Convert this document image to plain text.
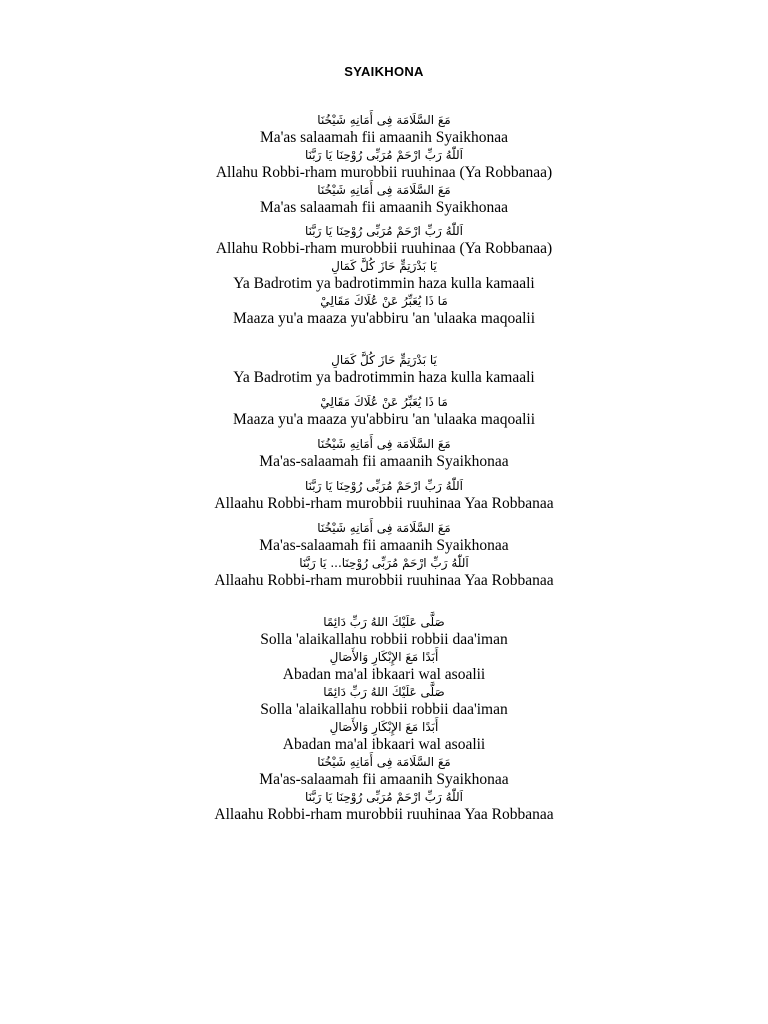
SYAIKHONA
مَعَ السَّلَامَة فِى أَمَانِهِ شَيْخُنَا
Ma'as salaamah fii amaanih Syaikhonaa
اَللّٰهُ رَبِّ ارْحَمْ مُرَبِّى رُوْحِنَا يَا رَبَّنَا
Allahu Robbi-rham murobbii ruuhinaa (Ya Robbanaa)
مَعَ السَّلَامَة فِى أَمَانِهِ شَيْخُنَا
Ma'as salaamah fii amaanih Syaikhonaa
اَللّٰهُ رَبِّ ارْحَمْ مُرَبِّى رُوْحِنَا يَا رَبَّنَا
Allahu Robbi-rham murobbii ruuhinaa (Ya Robbanaa)
يَا بَدْرَتِمٍّ حَازَ كُلَّ كَمَالِ
Ya Badrotim ya badrotimmin haza kulla kamaali
مَا ذَا يُعَبِّرُ عَنْ عُلَاكَ مَقَالِيْ
Maaza yu'a maaza yu'abbiru 'an 'ulaaka maqoalii
يَا بَدْرَتِمٍّ حَازَ كُلَّ كَمَالِ
Ya Badrotim ya badrotimmin haza kulla kamaali
مَا ذَا يُعَبِّرُ عَنْ عُلَاكَ مَقَالِيْ
Maaza yu'a maaza yu'abbiru 'an 'ulaaka maqoalii
مَعَ السَّلَامَة فِى أَمَانِهِ شَيْخُنَا
Ma'as-salaamah fii amaanih Syaikhonaa
اَللّٰهُ رَبِّ ارْحَمْ مُرَبِّى رُوْحِنَا يَا رَبَّنَا
Allaahu Robbi-rham murobbii ruuhinaa Yaa Robbanaa
مَعَ السَّلَامَة فِى أَمَانِهِ شَيْخُنَا
Ma'as-salaamah fii amaanih Syaikhonaa
اَللّٰهُ رَبِّ ارْحَمْ مُرَبِّى رُوْحِنَا... يَا رَبَّنَا
Allaahu Robbi-rham murobbii ruuhinaa Yaa Robbanaa
صَلَّى عَلَيْكَ اللهُ رَبِّ دَائِمًا
Solla 'alaikallahu robbii robbii daa'iman
أَبَدًا مَعَ الإِبْكَارِ وَالأَصَالِ
Abadan ma'al ibkaari wal asoalii
صَلَّى عَلَيْكَ اللهُ رَبِّ دَائِمًا
Solla 'alaikallahu robbii robbii daa'iman
أَبَدًا مَعَ الإِبْكَارِ وَالأَصَالِ
Abadan ma'al ibkaari wal asoalii
مَعَ السَّلَامَة فِى أَمَانِهِ شَيْخُنَا
Ma'as-salaamah fii amaanih Syaikhonaa
اَللّٰهُ رَبِّ ارْحَمْ مُرَبِّى رُوْحِنَا يَا رَبَّنَا
Allaahu Robbi-rham murobbii ruuhinaa Yaa Robbanaa
